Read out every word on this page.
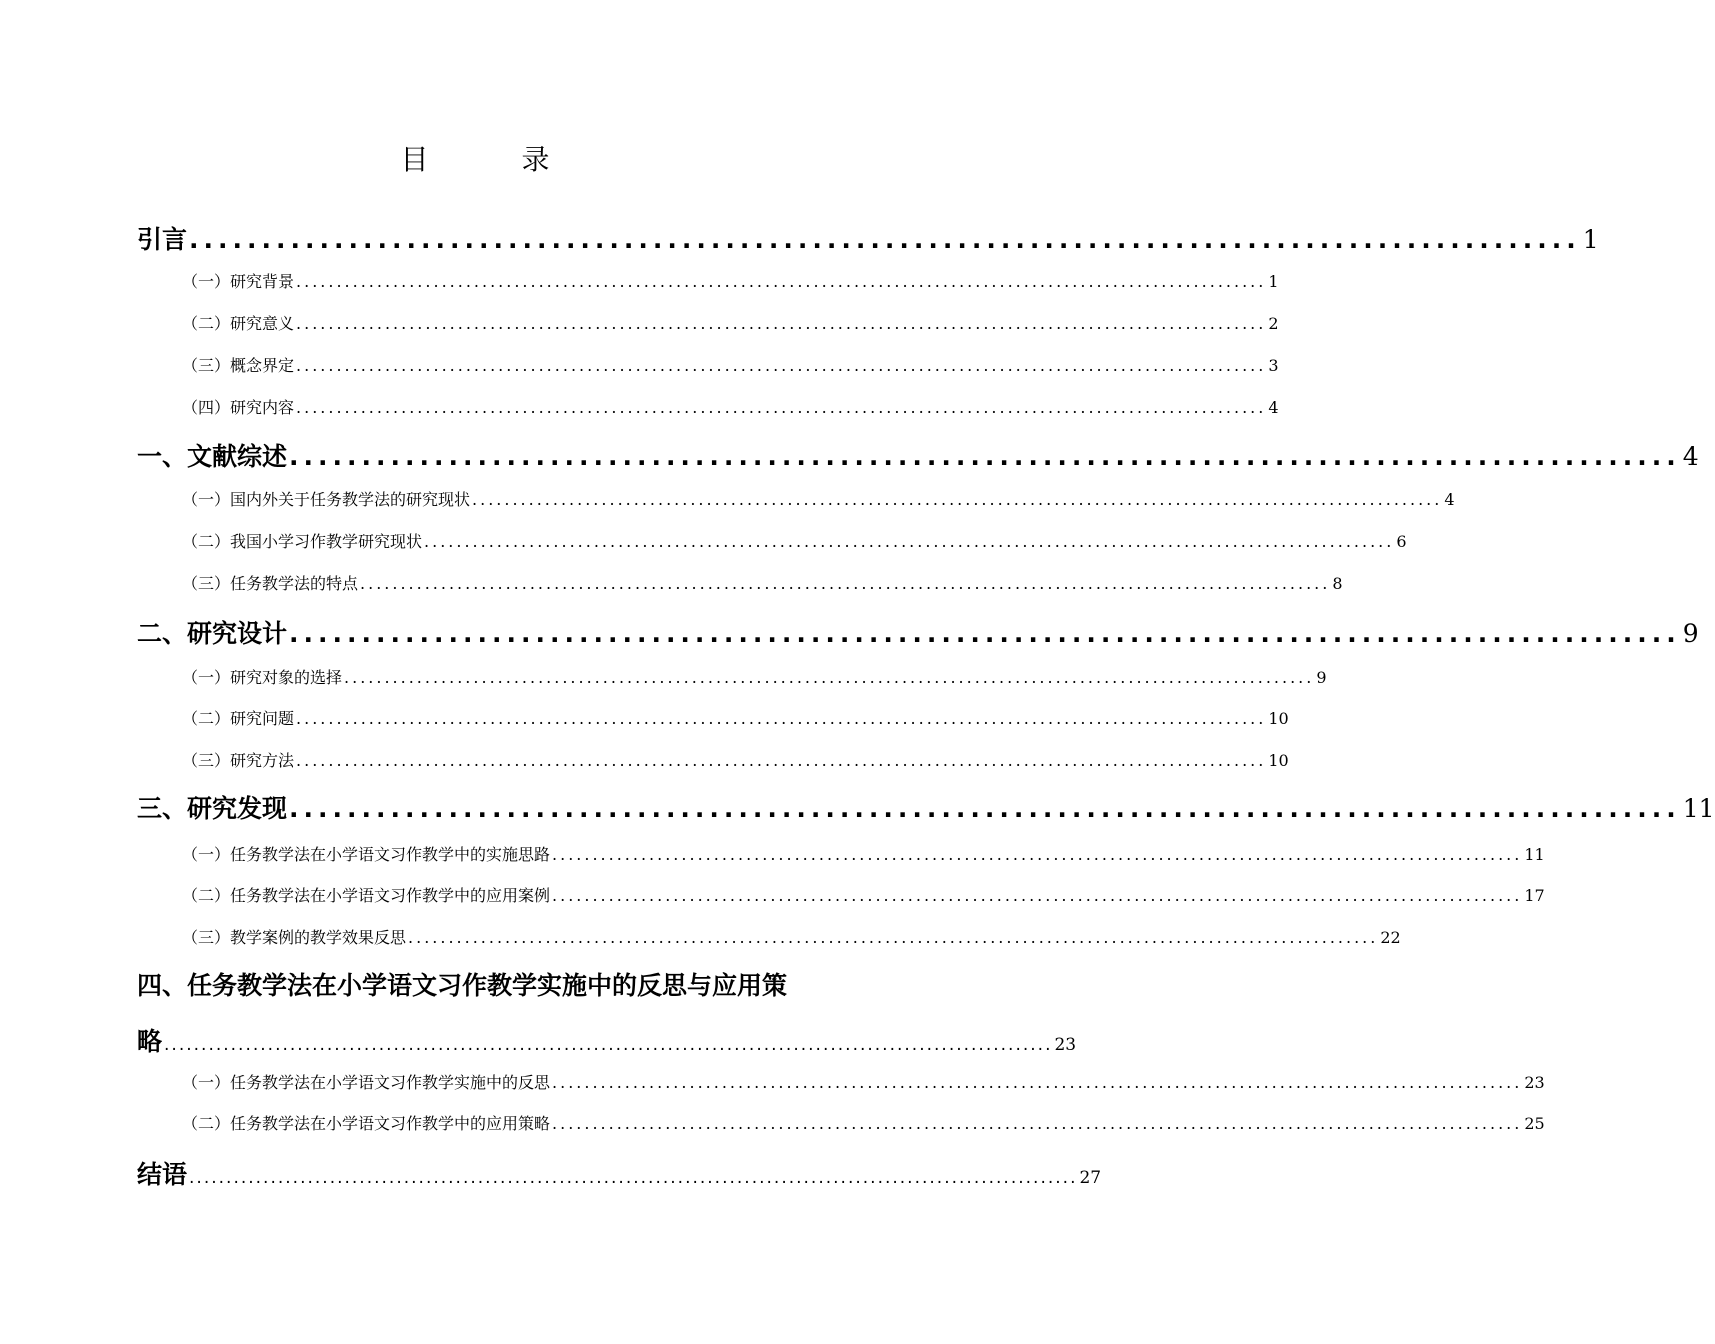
目 录
引言 ................................................................................................ 1
（一）研究背景 ........................................................................................................................ 1
（二）研究意义 ........................................................................................................................ 2
（三）概念界定 ........................................................................................................................ 3
（四）研究内容 ........................................................................................................................ 4
一、文献综述 ................................................................................................ 4
（一）国内外关于任务教学法的研究现状 ........................................................................................................................ 4
（二）我国小学习作教学研究现状 ........................................................................................................................ 6
（三）任务教学法的特点 ........................................................................................................................ 8
二、研究设计 ................................................................................................ 9
（一）研究对象的选择 ........................................................................................................................ 9
（二）研究问题 ........................................................................................................................ 10
（三）研究方法 ........................................................................................................................ 10
三、研究发现 ................................................................................................ 11
（一）任务教学法在小学语文习作教学中的实施思路 ........................................................................................................................ 11
（二）任务教学法在小学语文习作教学中的应用案例 ........................................................................................................................ 17
（三）教学案例的教学效果反思 ........................................................................................................................ 22
四、任务教学法在小学语文习作教学实施中的反思与应用策
略 ........................................................................................................................ 23
（一）任务教学法在小学语文习作教学实施中的反思 ........................................................................................................................ 23
（二）任务教学法在小学语文习作教学中的应用策略 ........................................................................................................................ 25
结语 ........................................................................................................................ 27
